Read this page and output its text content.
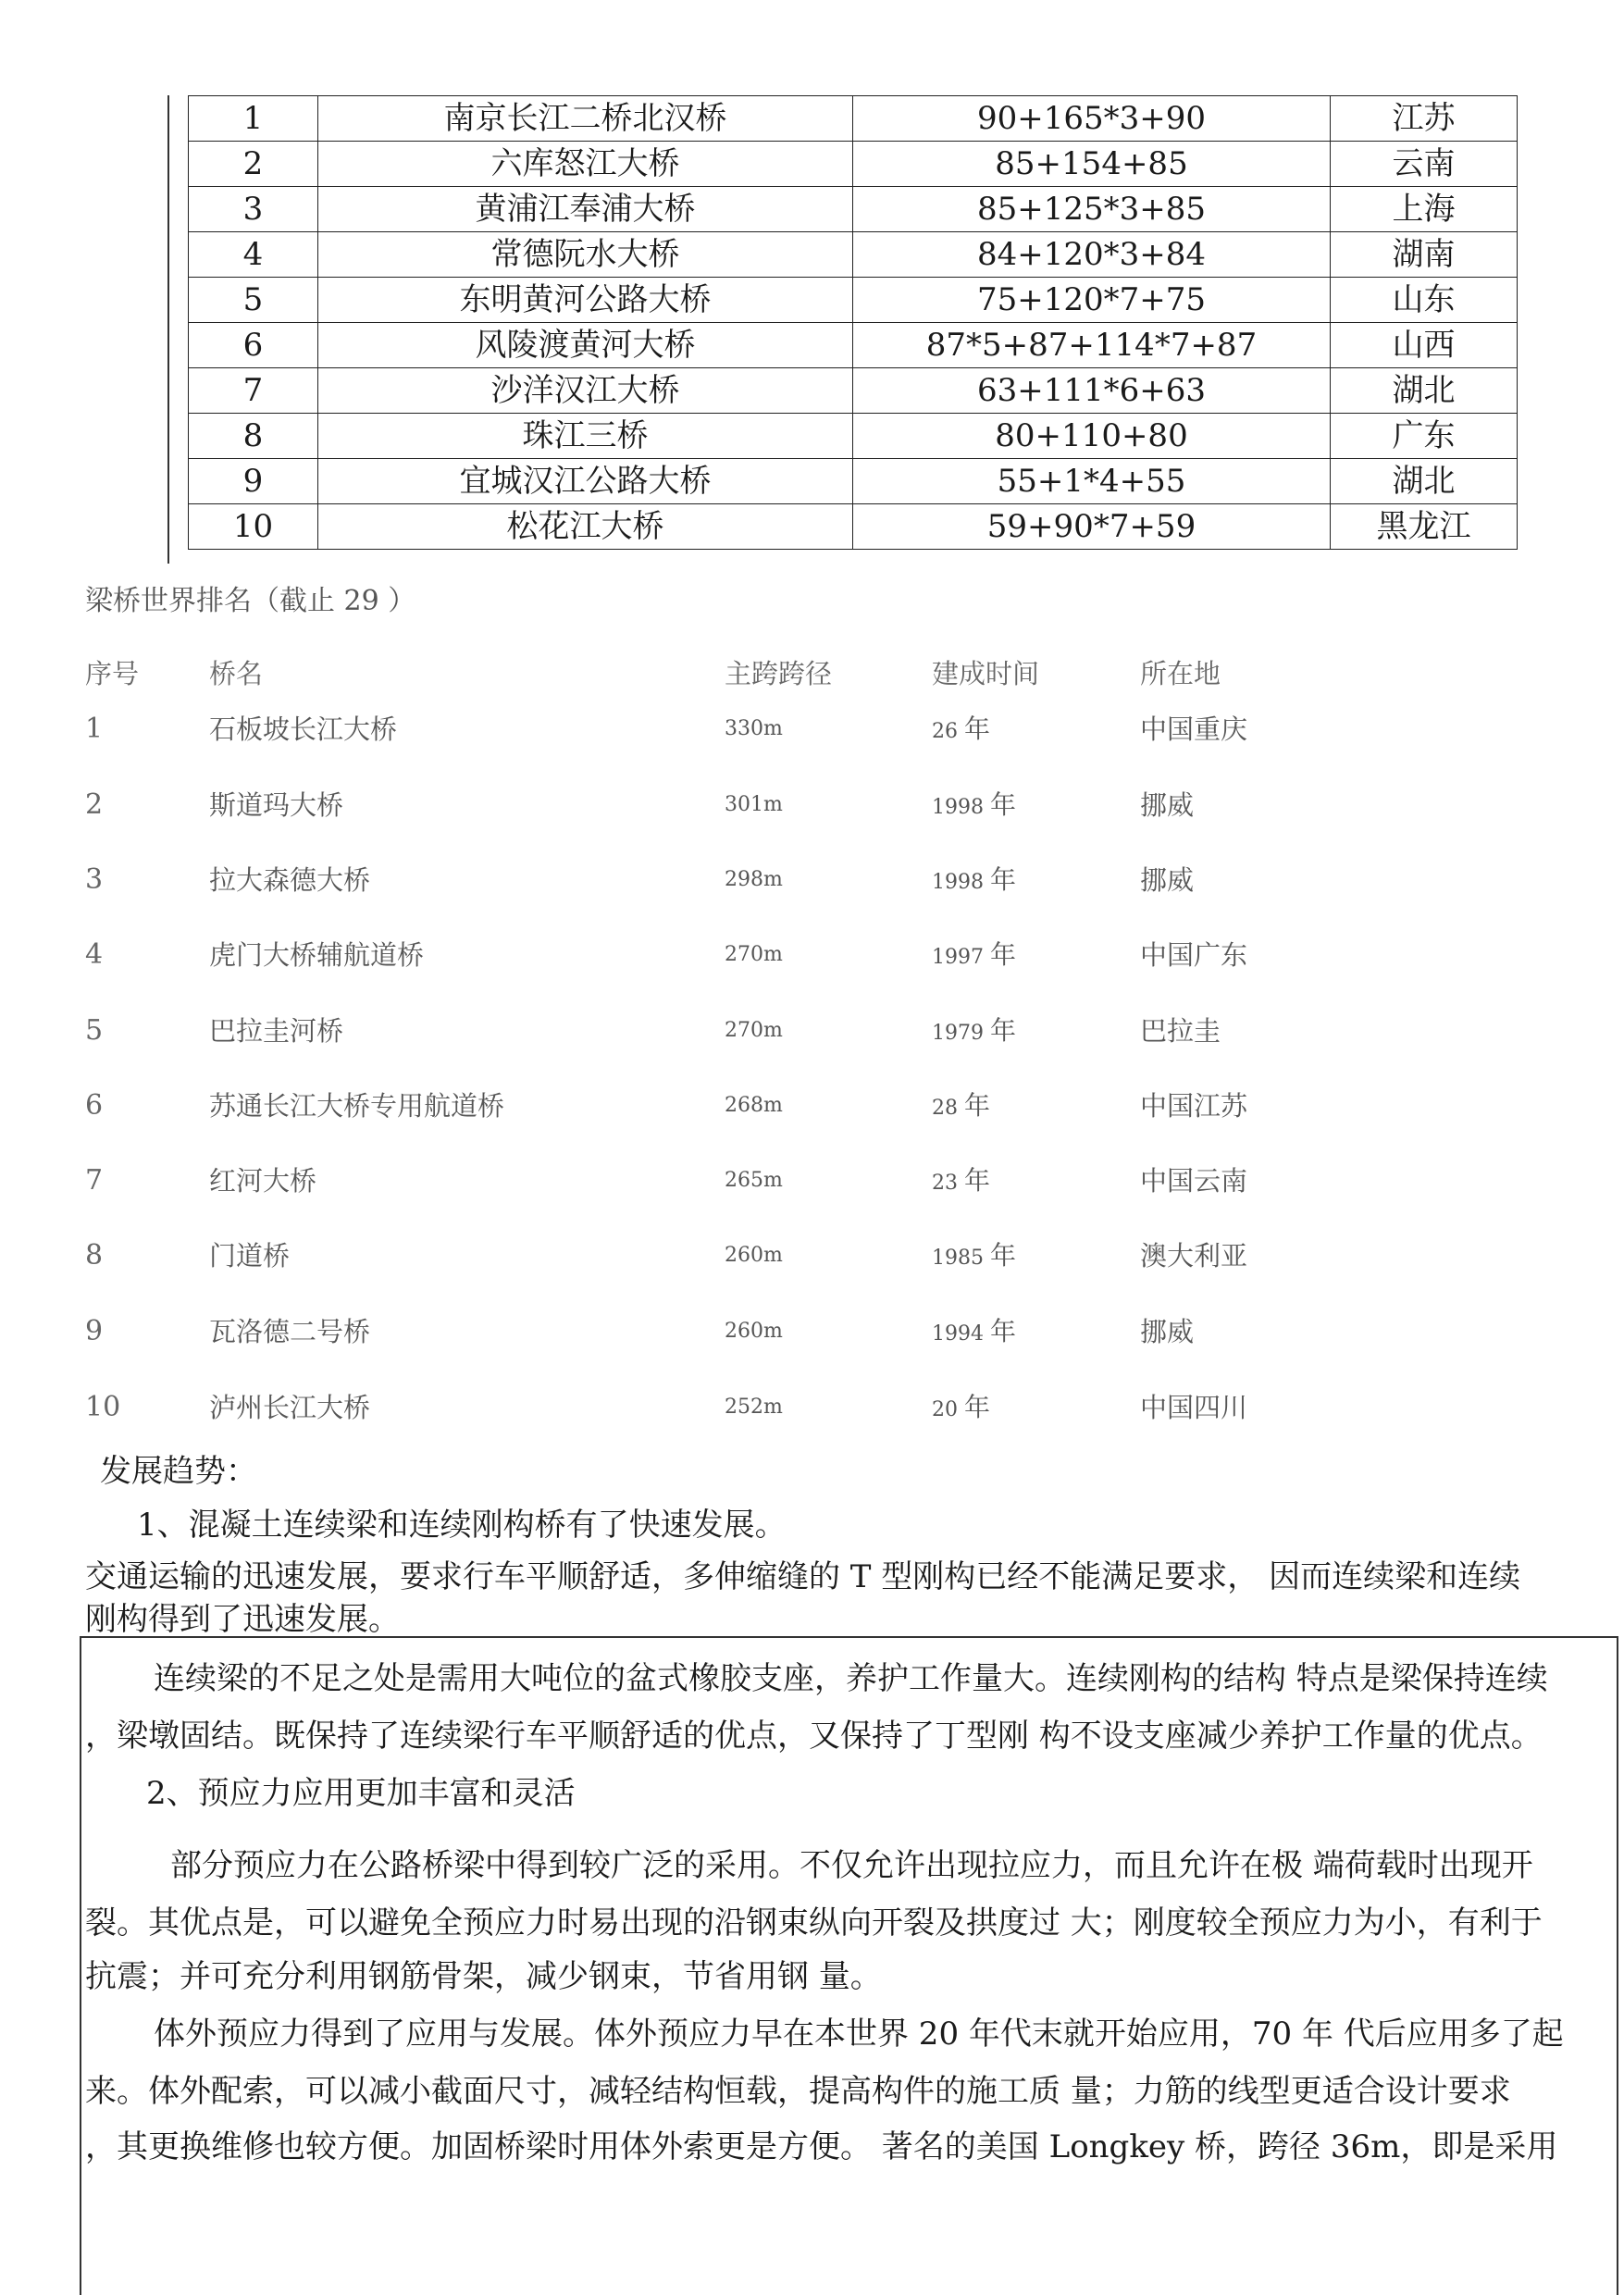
1	南京长江二桥北汉桥	90+165*3+90	江苏
2	六库怒江大桥	85+154+85	云南
3	黄浦江奉浦大桥	85+125*3+85	上海
4	常德阮水大桥	84+120*3+84	湖南
5	东明黄河公路大桥	75+120*7+75	山东
6	风陵渡黄河大桥	87*5+87+114*7+87	山西
7	沙洋汉江大桥	63+111*6+63	湖北
8	珠江三桥	80+110+80	广东
9	宜城汉江公路大桥	55+1*4+55	湖北
10	松花江大桥	59+90*7+59	黑龙江
梁桥世界排名（截止 29 ）
序号	桥名	主跨跨径	建成时间	所在地
1	石板坡长江大桥	330m	26 年	中国重庆
2	斯道玛大桥	301m	1998 年	挪威
3	拉大森德大桥	298m	1998 年	挪威
4	虎门大桥辅航道桥	270m	1997 年	中国广东
5	巴拉圭河桥	270m	1979 年	巴拉圭
6	苏通长江大桥专用航道桥	268m	28 年	中国江苏
7	红河大桥	265m	23 年	中国云南
8	门道桥	260m	1985 年	澳大利亚
9	瓦洛德二号桥	260m	1994 年	挪威
10	泸州长江大桥	252m	20 年	中国四川
发展趋势：
1、混凝土连续梁和连续刚构桥有了快速发展。
交通运输的迅速发展，要求行车平顺舒适，多伸缩缝的 T 型刚构已经不能满足要求， 因而连续梁和连续
刚构得到了迅速发展。
连续梁的不足之处是需用大吨位的盆式橡胶支座，养护工作量大。连续刚构的结构 特点是梁保持连续
，梁墩固结。既保持了连续梁行车平顺舒适的优点，又保持了丁型刚 构不设支座减少养护工作量的优点。
2、预应力应用更加丰富和灵活
部分预应力在公路桥梁中得到较广泛的采用。不仅允许出现拉应力，而且允许在极 端荷载时出现开
裂。其优点是，可以避免全预应力时易出现的沿钢束纵向开裂及拱度过 大；刚度较全预应力为小，有利于
抗震；并可充分利用钢筋骨架，减少钢束，节省用钢 量。
体外预应力得到了应用与发展。体外预应力早在本世界 20 年代末就开始应用，70 年 代后应用多了起
来。体外配索，可以减小截面尺寸，减轻结构恒载，提高构件的施工质 量；力筋的线型更适合设计要求
，其更换维修也较方便。加固桥梁时用体外索更是方便。 著名的美国 Longkey 桥，跨径 36m，即是采用
